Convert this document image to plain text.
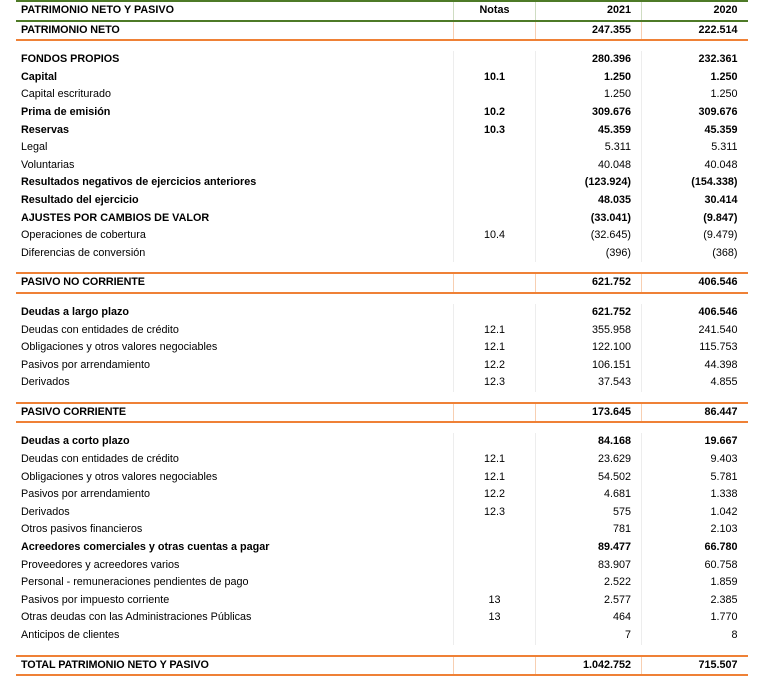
PATRIMONIO NETO Y PASIVO	Notas	2021	2020
PATRIMONIO NETO		247.355	222.514

FONDOS PROPIOS		280.396	232.361
Capital	10.1	1.250	1.250
Capital escriturado		1.250	1.250
Prima de emisión	10.2	309.676	309.676
Reservas	10.3	45.359	45.359
Legal		5.311	5.311
Voluntarias		40.048	40.048
Resultados negativos de ejercicios anteriores		(123.924)	(154.338)
Resultado del ejercicio		48.035	30.414
AJUSTES POR CAMBIOS DE VALOR		(33.041)	(9.847)
Operaciones de cobertura	10.4	(32.645)	(9.479)
Diferencias de conversión		(396)	(368)

PASIVO NO CORRIENTE		621.752	406.546

Deudas a largo plazo		621.752	406.546
Deudas con entidades de crédito	12.1	355.958	241.540
Obligaciones y otros valores negociables	12.1	122.100	115.753
Pasivos por arrendamiento	12.2	106.151	44.398
Derivados	12.3	37.543	4.855

PASIVO CORRIENTE		173.645	86.447

Deudas a corto plazo		84.168	19.667
Deudas con entidades de crédito	12.1	23.629	9.403
Obligaciones y otros valores negociables	12.1	54.502	5.781
Pasivos por arrendamiento	12.2	4.681	1.338
Derivados	12.3	575	1.042
Otros pasivos financieros		781	2.103
Acreedores comerciales y otras cuentas a pagar		89.477	66.780
Proveedores y acreedores varios		83.907	60.758
Personal - remuneraciones pendientes de pago		2.522	1.859
Pasivos por impuesto corriente	13	2.577	2.385
Otras deudas con las Administraciones Públicas	13	464	1.770
Anticipos de clientes		7	8

TOTAL PATRIMONIO NETO Y PASIVO		1.042.752	715.507
